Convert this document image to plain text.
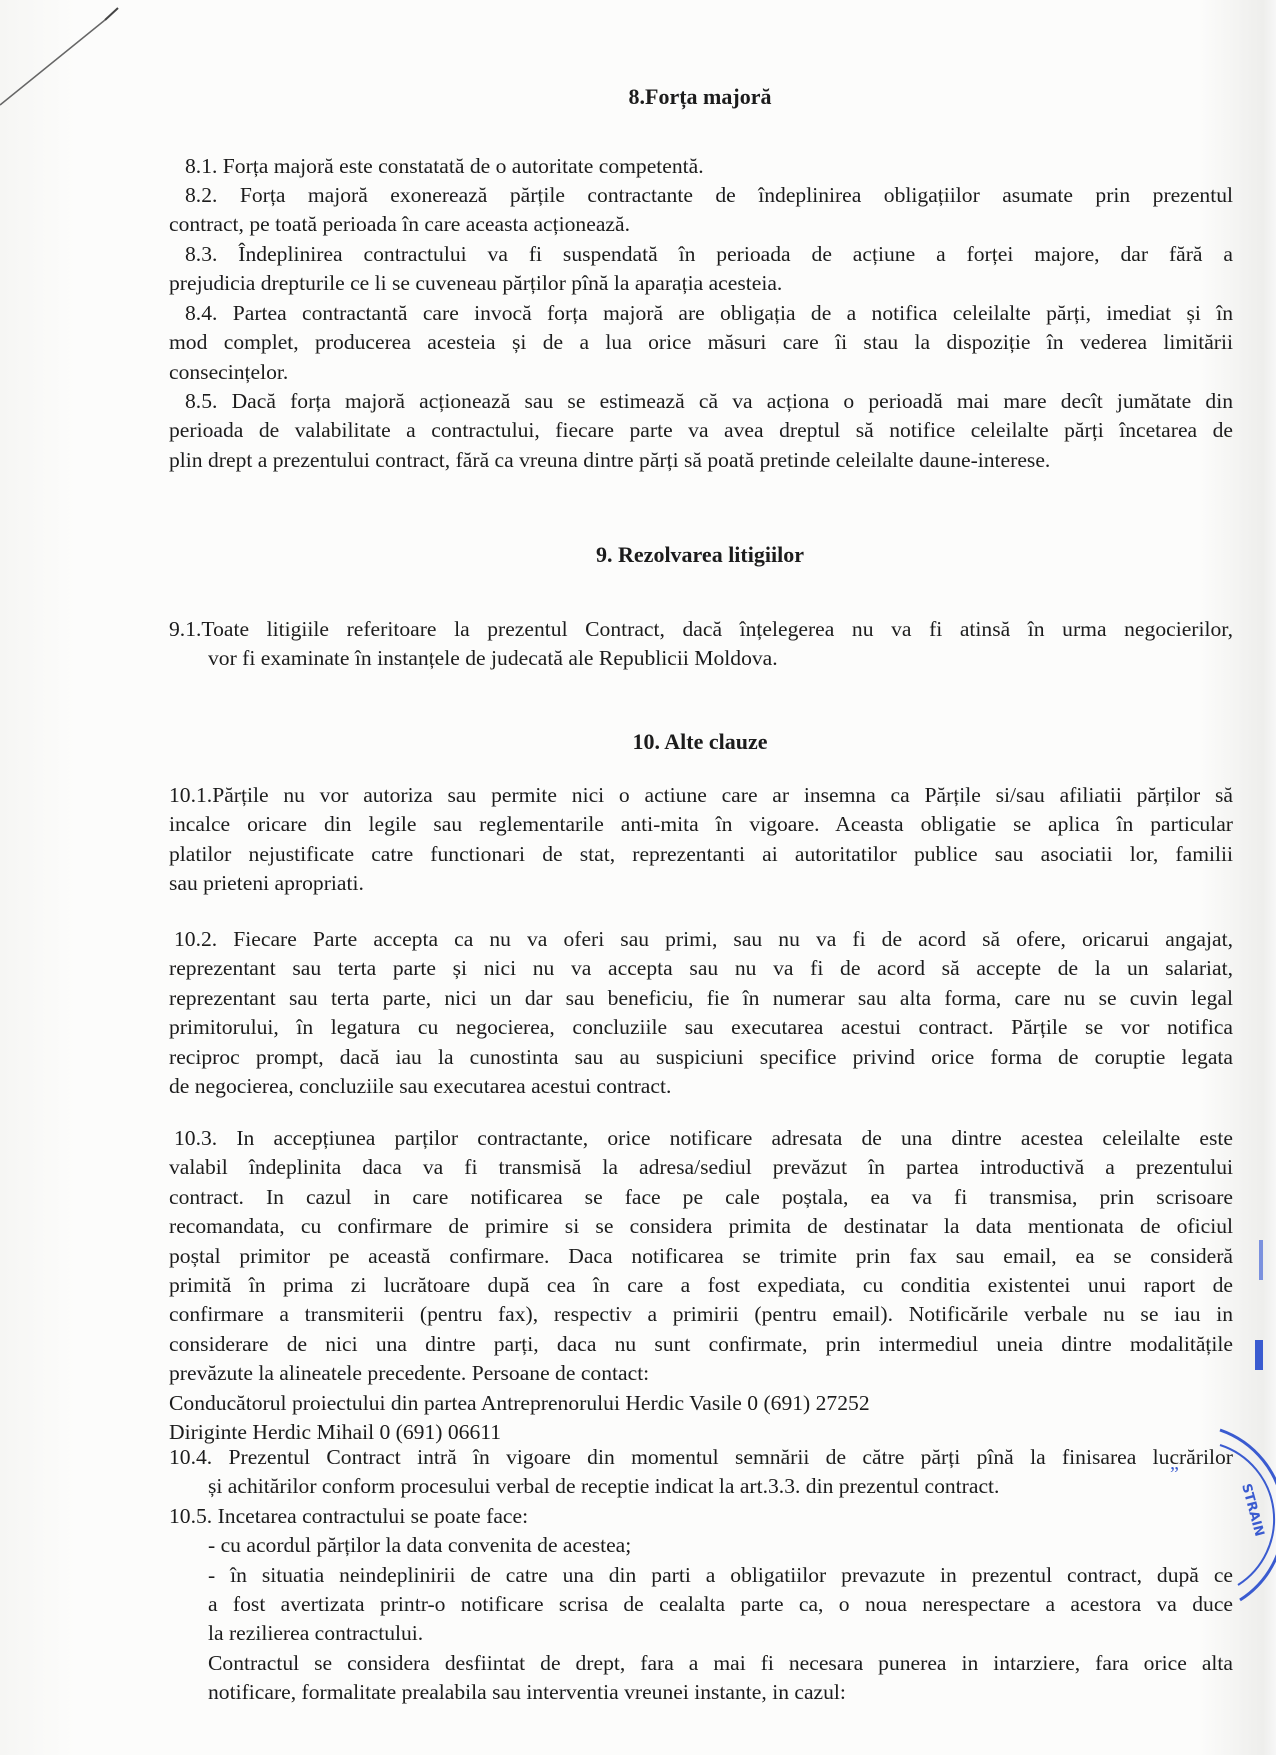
8.Forța majoră
9. Rezolvarea litigiilor
10. Alte clauze
8.1. Forța majoră este constatată de o autoritate competentă.
8.2. Forța majoră exonerează părțile contractante de îndeplinirea obligațiilor asumate prin prezentul
contract, pe toată perioada în care aceasta acționează.
8.3. Îndeplinirea contractului va fi suspendată în perioada de acțiune a forței majore, dar fără a
prejudicia drepturile ce li se cuveneau părților pînă la aparația acesteia.
8.4. Partea contractantă care invocă forța majoră are obligația de a notifica celeilalte părți, imediat și în
mod complet, producerea acesteia și de a lua orice măsuri care îi stau la dispoziție în vederea limitării
consecințelor.
8.5. Dacă forța majoră acționează sau se estimează că va acționa o perioadă mai mare decît jumătate din
perioada de valabilitate a contractului, fiecare parte va avea dreptul să notifice celeilalte părți încetarea de
plin drept a prezentului contract, fără ca vreuna dintre părți să poată pretinde celeilalte daune-interese.
9.1.Toate litigiile referitoare la prezentul Contract, dacă înțelegerea nu va fi atinsă în urma negocierilor,
vor fi examinate în instanțele de judecată ale Republicii Moldova.
10.1.Părțile nu vor autoriza sau permite nici o actiune care ar insemna ca Părțile si/sau afiliatii părților să
incalce oricare din legile sau reglementarile anti-mita în vigoare. Aceasta obligatie se aplica în particular
platilor nejustificate catre functionari de stat, reprezentanti ai autoritatilor publice sau asociatii lor, familii
sau prieteni apropriati.
10.2. Fiecare Parte accepta ca nu va oferi sau primi, sau nu va fi de acord să ofere, oricarui angajat,
reprezentant sau terta parte și nici nu va accepta sau nu va fi de acord să accepte de la un salariat,
reprezentant sau terta parte, nici un dar sau beneficiu, fie în numerar sau alta forma, care nu se cuvin legal
primitorului, în legatura cu negocierea, concluziile sau executarea acestui contract. Părțile se vor notifica
reciproc prompt, dacă iau la cunostinta sau au suspiciuni specifice privind orice forma de coruptie legata
de negocierea, concluziile sau executarea acestui contract.
10.3. In accepțiunea parților contractante, orice notificare adresata de una dintre acestea celeilalte este
valabil îndeplinita daca va fi transmisă la adresa/sediul prevăzut în partea introductivă a prezentului
contract. In cazul in care notificarea se face pe cale poștala, ea va fi transmisa, prin scrisoare
recomandata, cu confirmare de primire si se considera primita de destinatar la data mentionata de oficiul
poștal primitor pe această confirmare. Daca notificarea se trimite prin fax sau email, ea se consideră
primită în prima zi lucrătoare după cea în care a fost expediata, cu conditia existentei unui raport de
confirmare a transmiterii (pentru fax), respectiv a primirii (pentru email). Notificările verbale nu se iau in
considerare de nici una dintre parți, daca nu sunt confirmate, prin intermediul uneia dintre modalitățile
prevăzute la alineatele precedente. Persoane de contact:
Conducătorul proiectului din partea Antreprenorului Herdic Vasile 0 (691) 27252
Diriginte Herdic Mihail 0 (691) 06611
10.4. Prezentul Contract intră în vigoare din momentul semnării de către părți pînă la finisarea lucrărilor
și achitărilor conform procesului verbal de receptie indicat la art.3.3. din prezentul contract.
10.5. Incetarea contractului se poate face:
- cu acordul părților la data convenita de acestea;
- în situatia neindeplinirii de catre una din parti a obligatiilor prevazute in prezentul contract, după ce
a fost avertizata printr-o notificare scrisa de cealalta parte ca, o noua nerespectare a acestora va duce
la rezilierea contractului.
Contractul se considera desfiintat de drept, fara a mai fi necesara punerea in intarziere, fara orice alta
notificare, formalitate prealabila sau interventia vreunei instante, in cazul:
STRAIN
”
